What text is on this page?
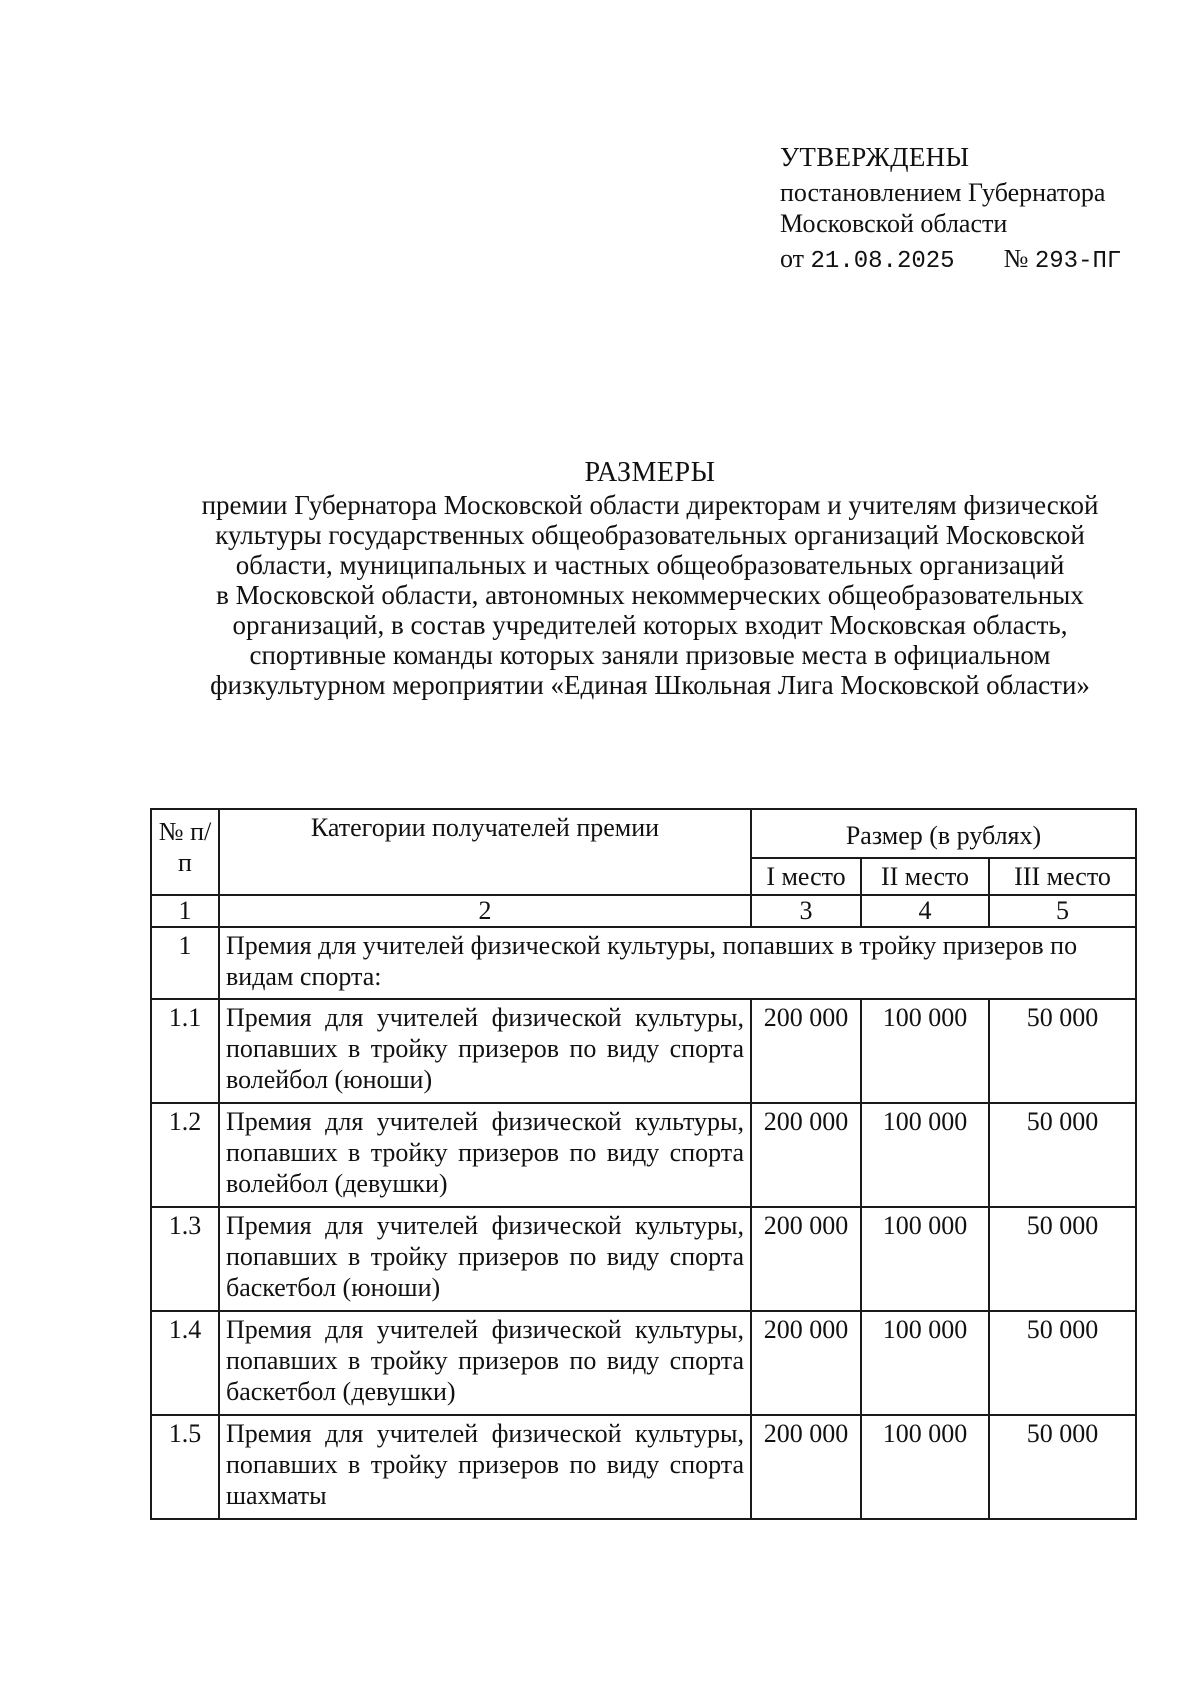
УТВЕРЖДЕНЫ
постановлением Губернатора
Московской области
от 21.08.2025 № 293-ПГ
РАЗМЕРЫ
премии Губернатора Московской области директорам и учителям физической
культуры государственных общеобразовательных организаций Московской
области, муниципальных и частных общеобразовательных организаций
в Московской области, автономных некоммерческих общеобразовательных
организаций, в состав учредителей которых входит Московская область,
спортивные команды которых заняли призовые места в официальном
физкультурном мероприятии «Единая Школьная Лига Московской области»
№ п/п	Категории получателей премии	Размер (в рублях)		
		I место	II место	III место
1	2	3	4	5
1	Премия для учителей физической культуры, попавших в тройку призеров по видам спорта:			
1.1	Премия для учителей физической культуры, попавших в тройку призеров по виду спорта волейбол (юноши)	200 000	100 000	50 000
1.2	Премия для учителей физической культуры, попавших в тройку призеров по виду спорта волейбол (девушки)	200 000	100 000	50 000
1.3	Премия для учителей физической культуры, попавших в тройку призеров по виду спорта баскетбол (юноши)	200 000	100 000	50 000
1.4	Премия для учителей физической культуры, попавших в тройку призеров по виду спорта баскетбол (девушки)	200 000	100 000	50 000
1.5	Премия для учителей физической культуры, попавших в тройку призеров по виду спорта шахматы	200 000	100 000	50 000
